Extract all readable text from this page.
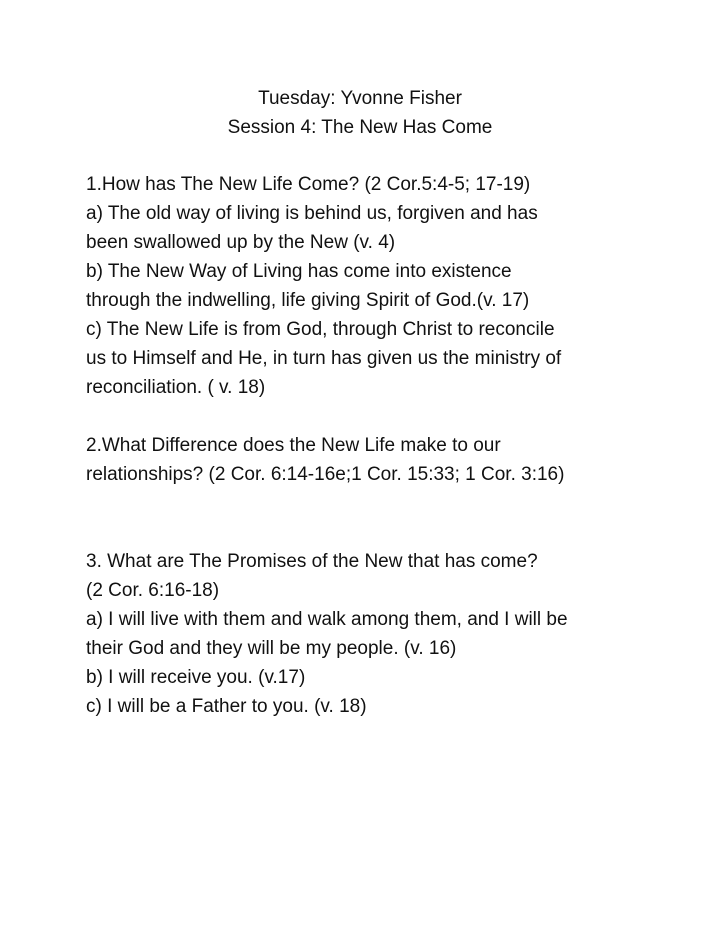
Tuesday: Yvonne Fisher
Session 4: The New Has Come
1.How has The New Life Come? (2 Cor.5:4-5; 17-19)
a) The old way of living is behind us, forgiven and has
been swallowed up by the New (v. 4)
b) The New Way of Living has come into existence
through the indwelling, life giving Spirit of God.(v. 17)
c) The New Life is from God, through Christ to reconcile
us to Himself and He, in turn has given us the ministry of
reconciliation. ( v. 18)
2.What Difference does the New Life make to our
relationships? (2 Cor. 6:14-16e;1 Cor. 15:33; 1 Cor. 3:16)
3. What are The Promises of the New that has come?
(2 Cor. 6:16-18)
a) I will live with them and walk among them, and I will be
their God and they will be my people. (v. 16)
b) I will receive you. (v.17)
c) I will be a Father to you. (v. 18)
